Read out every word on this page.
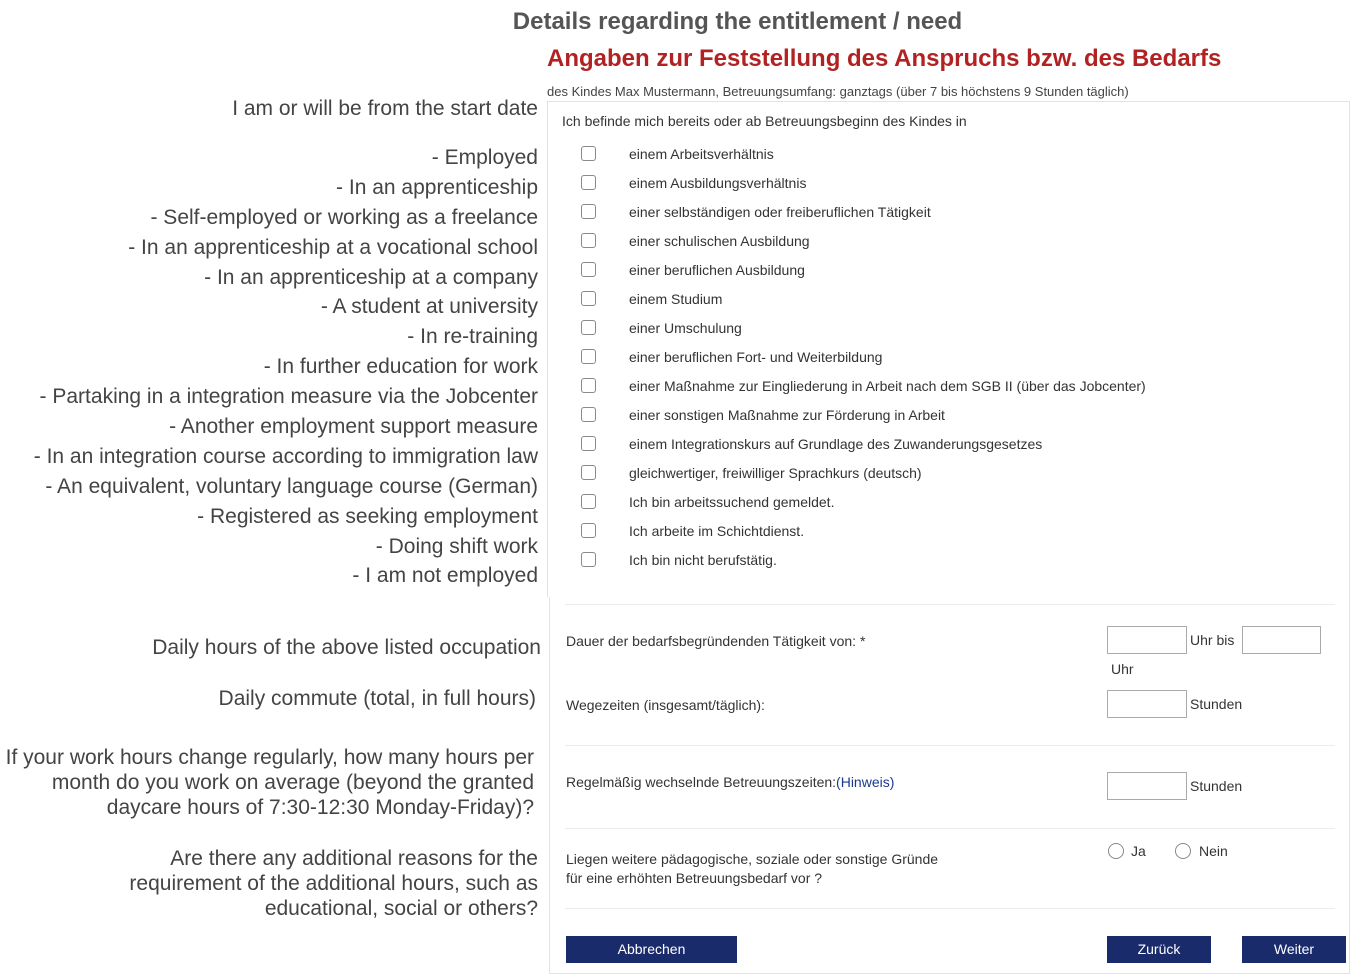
Details regarding the entitlement / need
Angaben zur Feststellung des Anspruchs bzw. des Bedarfs
des Kindes Max Mustermann, Betreuungsumfang: ganztags (über 7 bis höchstens 9 Stunden täglich)
I am or will be from the start date
- Employed
- In an apprenticeship
- Self-employed or working as a freelance
- In an apprenticeship at a vocational school
- In an apprenticeship at a company
- A student at university
- In re-training
- In further education for work
- Partaking in a integration measure via the Jobcenter
- Another employment support measure
- In an integration course according to immigration law
- An equivalent, voluntary language course (German)
- Registered as seeking employment
- Doing shift work
- I am not employed
Daily hours of the above listed occupation
Daily commute (total, in full hours)
If your work hours change regularly, how many hours per month do you work on average (beyond the granted daycare hours of 7:30-12:30 Monday-Friday)?
Are there any additional reasons for the requirement of the additional hours, such as educational, social or others?
Ich befinde mich bereits oder ab Betreuungsbeginn des Kindes in
einem Arbeitsverhältnis
einem Ausbildungsverhältnis
einer selbständigen oder freiberuflichen Tätigkeit
einer schulischen Ausbildung
einer beruflichen Ausbildung
einem Studium
einer Umschulung
einer beruflichen Fort- und Weiterbildung
einer Maßnahme zur Eingliederung in Arbeit nach dem SGB II (über das Jobcenter)
einer sonstigen Maßnahme zur Förderung in Arbeit
einem Integrationskurs auf Grundlage des Zuwanderungsgesetzes
gleichwertiger, freiwilliger Sprachkurs (deutsch)
Ich bin arbeitssuchend gemeldet.
Ich arbeite im Schichtdienst.
Ich bin nicht berufstätig.
Dauer der bedarfsbegründenden Tätigkeit von: *	Uhr bis
Uhr
Wegezeiten (insgesamt/täglich):	Stunden
Regelmäßig wechselnde Betreuungszeiten:(Hinweis)	Stunden
Liegen weitere pädagogische, soziale oder sonstige Gründe
für eine erhöhten Betreuungsbedarf vor ?
Ja	Nein
Abbrechen	Zurück	Weiter
